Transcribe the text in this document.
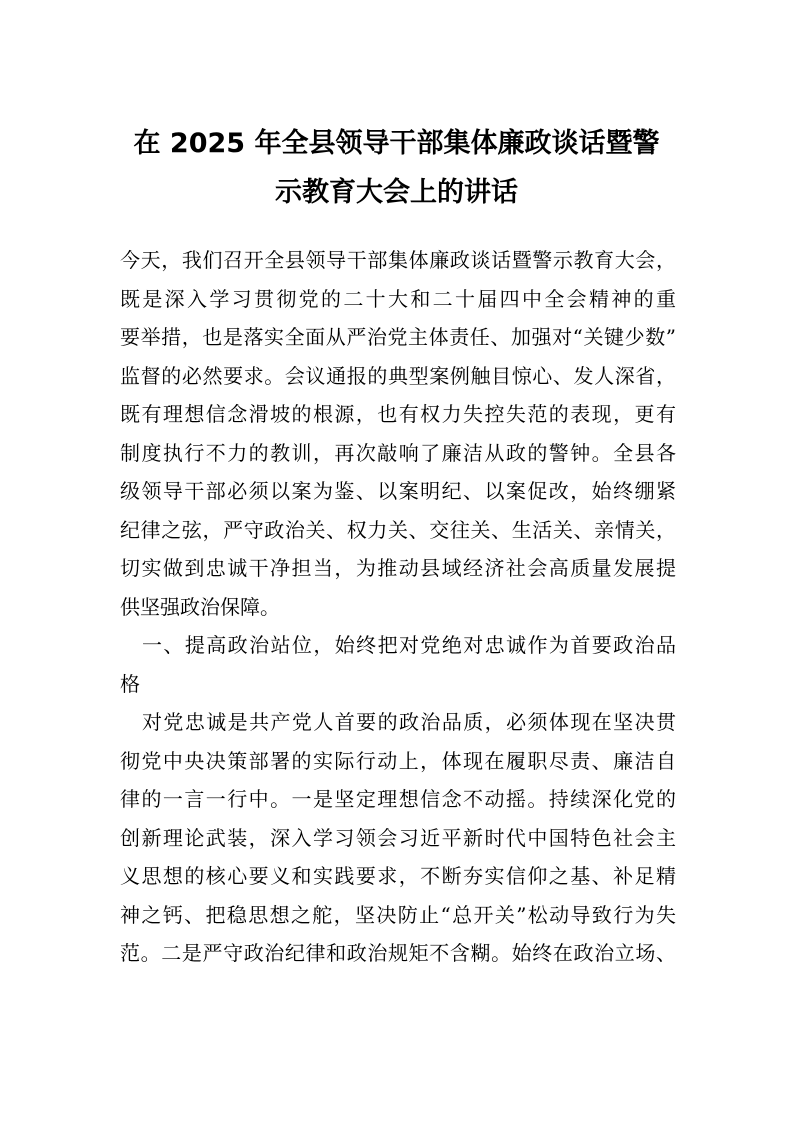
在 2025 年全县领导干部集体廉政谈话暨警
示教育大会上的讲话
今天，我们召开全县领导干部集体廉政谈话暨警示教育大会，
既是深入学习贯彻党的二十大和二十届四中全会精神的重
要举措，也是落实全面从严治党主体责任、加强对“关键少数”
监督的必然要求。会议通报的典型案例触目惊心、发人深省，
既有理想信念滑坡的根源，也有权力失控失范的表现，更有
制度执行不力的教训，再次敲响了廉洁从政的警钟。全县各
级领导干部必须以案为鉴、以案明纪、以案促改，始终绷紧
纪律之弦，严守政治关、权力关、交往关、生活关、亲情关，
切实做到忠诚干净担当，为推动县域经济社会高质量发展提
供坚强政治保障。
一、提高政治站位，始终把对党绝对忠诚作为首要政治品
格
对党忠诚是共产党人首要的政治品质，必须体现在坚决贯
彻党中央决策部署的实际行动上，体现在履职尽责、廉洁自
律的一言一行中。一是坚定理想信念不动摇。持续深化党的
创新理论武装，深入学习领会习近平新时代中国特色社会主
义思想的核心要义和实践要求，不断夯实信仰之基、补足精
神之钙、把稳思想之舵，坚决防止“总开关”松动导致行为失
范。二是严守政治纪律和政治规矩不含糊。始终在政治立场、
